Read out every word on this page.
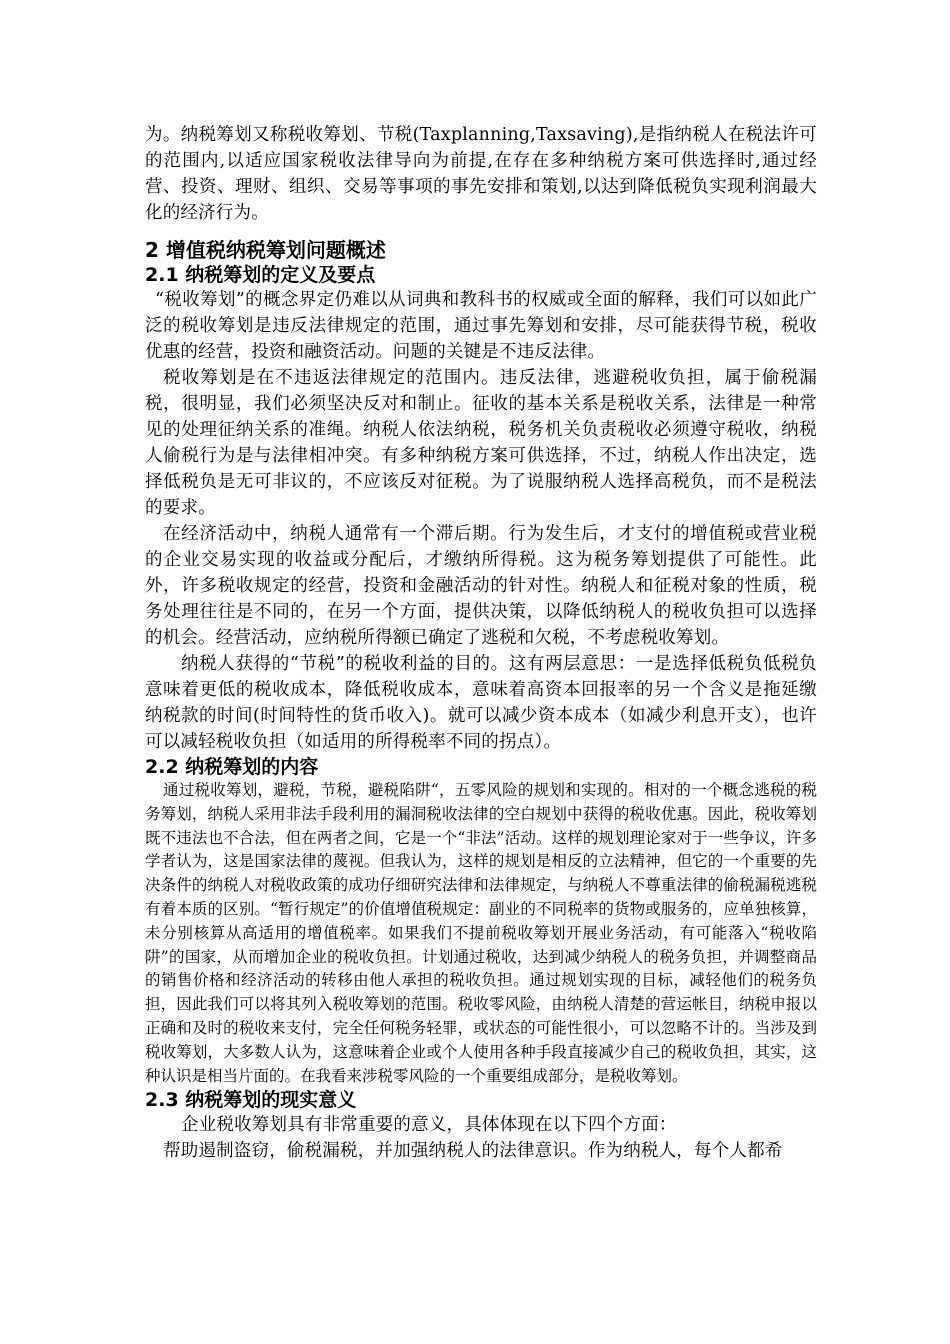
为。纳税筹划又称税收筹划、节税(Taxplanning,Taxsaving),是指纳税人在税法许可的范围内,以适应国家税收法律导向为前提,在存在多种纳税方案可供选择时,通过经营、投资、理财、组织、交易等事项的事先安排和策划,以达到降低税负实现利润最大化的经济行为。

2 增值税纳税筹划问题概述
2.1 纳税筹划的定义及要点

“税收筹划”的概念界定仍难以从词典和教科书的权威或全面的解释，我们可以如此广泛的税收筹划是违反法律规定的范围，通过事先筹划和安排，尽可能获得节税，税收优惠的经营，投资和融资活动。问题的关键是不违反法律。

税收筹划是在不违返法律规定的范围内。违反法律，逃避税收负担，属于偷税漏税，很明显，我们必须坚决反对和制止。征收的基本关系是税收关系，法律是一种常见的处理征纳关系的准绳。纳税人依法纳税，税务机关负责税收必须遵守税收，纳税人偷税行为是与法律相冲突。有多种纳税方案可供选择，不过，纳税人作出决定，选择低税负是无可非议的，不应该反对征税。为了说服纳税人选择高税负，而不是税法的要求。

在经济活动中，纳税人通常有一个滞后期。行为发生后，才支付的增值税或营业税的企业交易实现的收益或分配后，才缴纳所得税。这为税务筹划提供了可能性。此外，许多税收规定的经营，投资和金融活动的针对性。纳税人和征税对象的性质，税务处理往往是不同的，在另一个方面，提供决策，以降低纳税人的税收负担可以选择的机会。经营活动，应纳税所得额已确定了逃税和欠税，不考虑税收筹划。

纳税人获得的“节税”的税收利益的目的。这有两层意思：一是选择低税负低税负意味着更低的税收成本，降低税收成本，意味着高资本回报率的另一个含义是拖延缴纳税款的时间(时间特性的货币收入)。就可以减少资本成本（如减少利息开支），也许可以减轻税收负担（如适用的所得税率不同的拐点）。

2.2 纳税筹划的内容

通过税收筹划，避税，节税，避税陷阱“，五零风险的规划和实现的。相对的一个概念逃税的税务筹划，纳税人采用非法手段利用的漏洞税收法律的空白规划中获得的税收优惠。因此，税收筹划既不违法也不合法，但在两者之间，它是一个“非法”活动。这样的规划理论家对于一些争议，许多学者认为，这是国家法律的蔑视。但我认为，这样的规划是相反的立法精神，但它的一个重要的先决条件的纳税人对税收政策的成功仔细研究法律和法律规定，与纳税人不尊重法律的偷税漏税逃税有着本质的区别。“暂行规定”的价值增值税规定：副业的不同税率的货物或服务的，应单独核算，未分别核算从高适用的增值税率。如果我们不提前税收筹划开展业务活动，有可能落入“税收陷阱”的国家，从而增加企业的税收负担。计划通过税收，达到减少纳税人的税务负担，并调整商品的销售价格和经济活动的转移由他人承担的税收负担。通过规划实现的目标，减轻他们的税务负担，因此我们可以将其列入税收筹划的范围。税收零风险，由纳税人清楚的营运帐目，纳税申报以正确和及时的税收来支付，完全任何税务轻罪，或状态的可能性很小，可以忽略不计的。当涉及到税收筹划，大多数人认为，这意味着企业或个人使用各种手段直接减少自己的税收负担，其实，这种认识是相当片面的。在我看来涉税零风险的一个重要组成部分，是税收筹划。

2.3 纳税筹划的现实意义

企业税收筹划具有非常重要的意义，具体体现在以下四个方面：

帮助遏制盗窃，偷税漏税，并加强纳税人的法律意识。作为纳税人，每个人都希
